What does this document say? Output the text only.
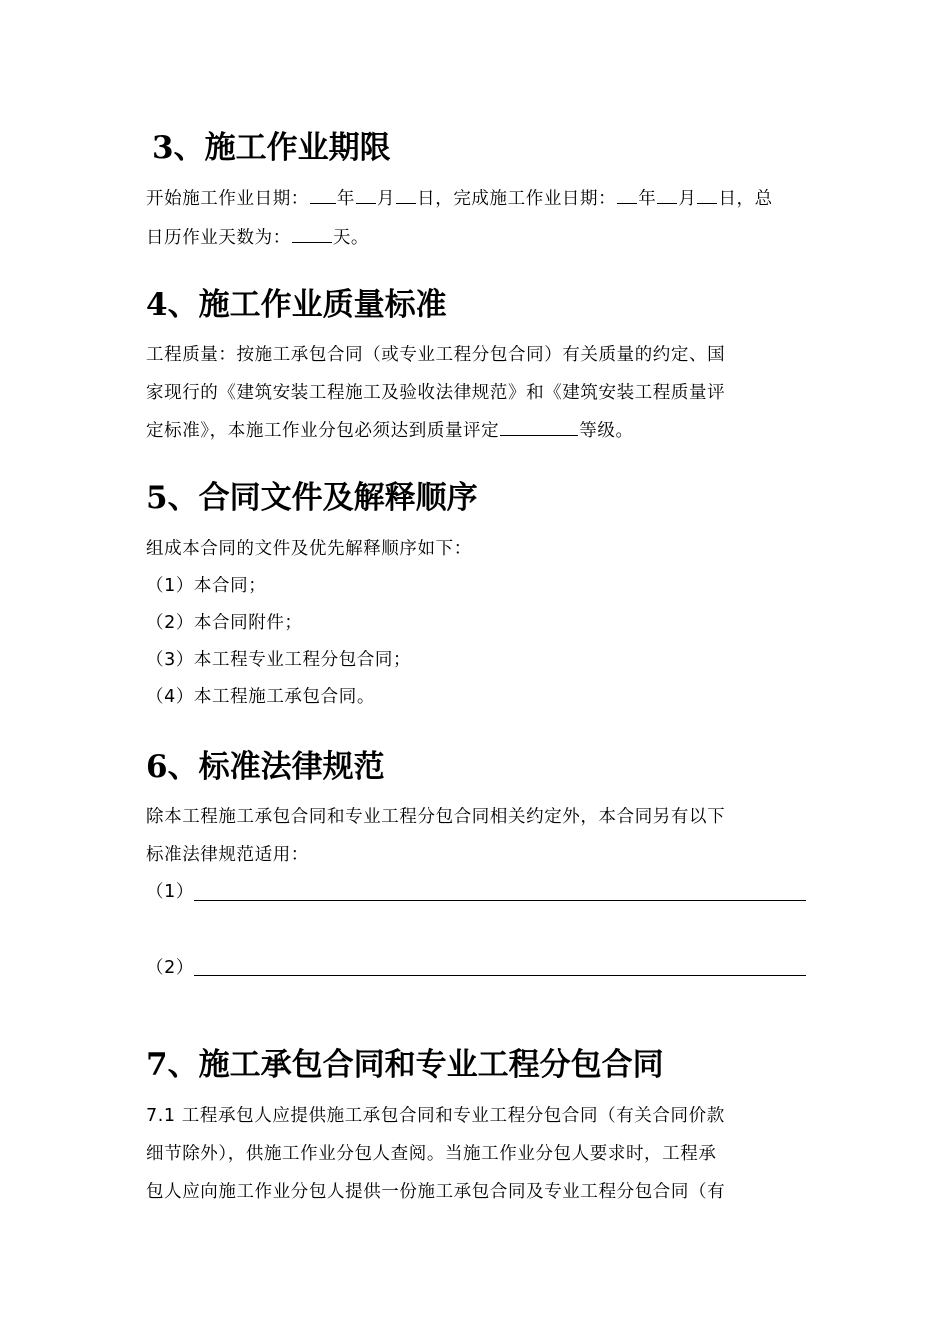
3、施工作业期限
开始施工作业日期： 年 月 日，完成施工作业日期： 年 月 日，总
日历作业天数为： 天。
4、施工作业质量标准
工程质量：按施工承包合同（或专业工程分包合同）有关质量的约定、国
家现行的《建筑安装工程施工及验收法律规范》和《建筑安装工程质量评
定标准》，本施工作业分包必须达到质量评定	等级。
5、合同文件及解释顺序
组成本合同的文件及优先解释顺序如下：
（1）本合同；
（2）本合同附件；
（3）本工程专业工程分包合同；
（4）本工程施工承包合同。
6、标准法律规范
除本工程施工承包合同和专业工程分包合同相关约定外，本合同另有以下
标准法律规范适用：
（1）
（2）
7、施工承包合同和专业工程分包合同
7.1 工程承包人应提供施工承包合同和专业工程分包合同（有关合同价款
细节除外），供施工作业分包人查阅。当施工作业分包人要求时，工程承
包人应向施工作业分包人提供一份施工承包合同及专业工程分包合同（有
